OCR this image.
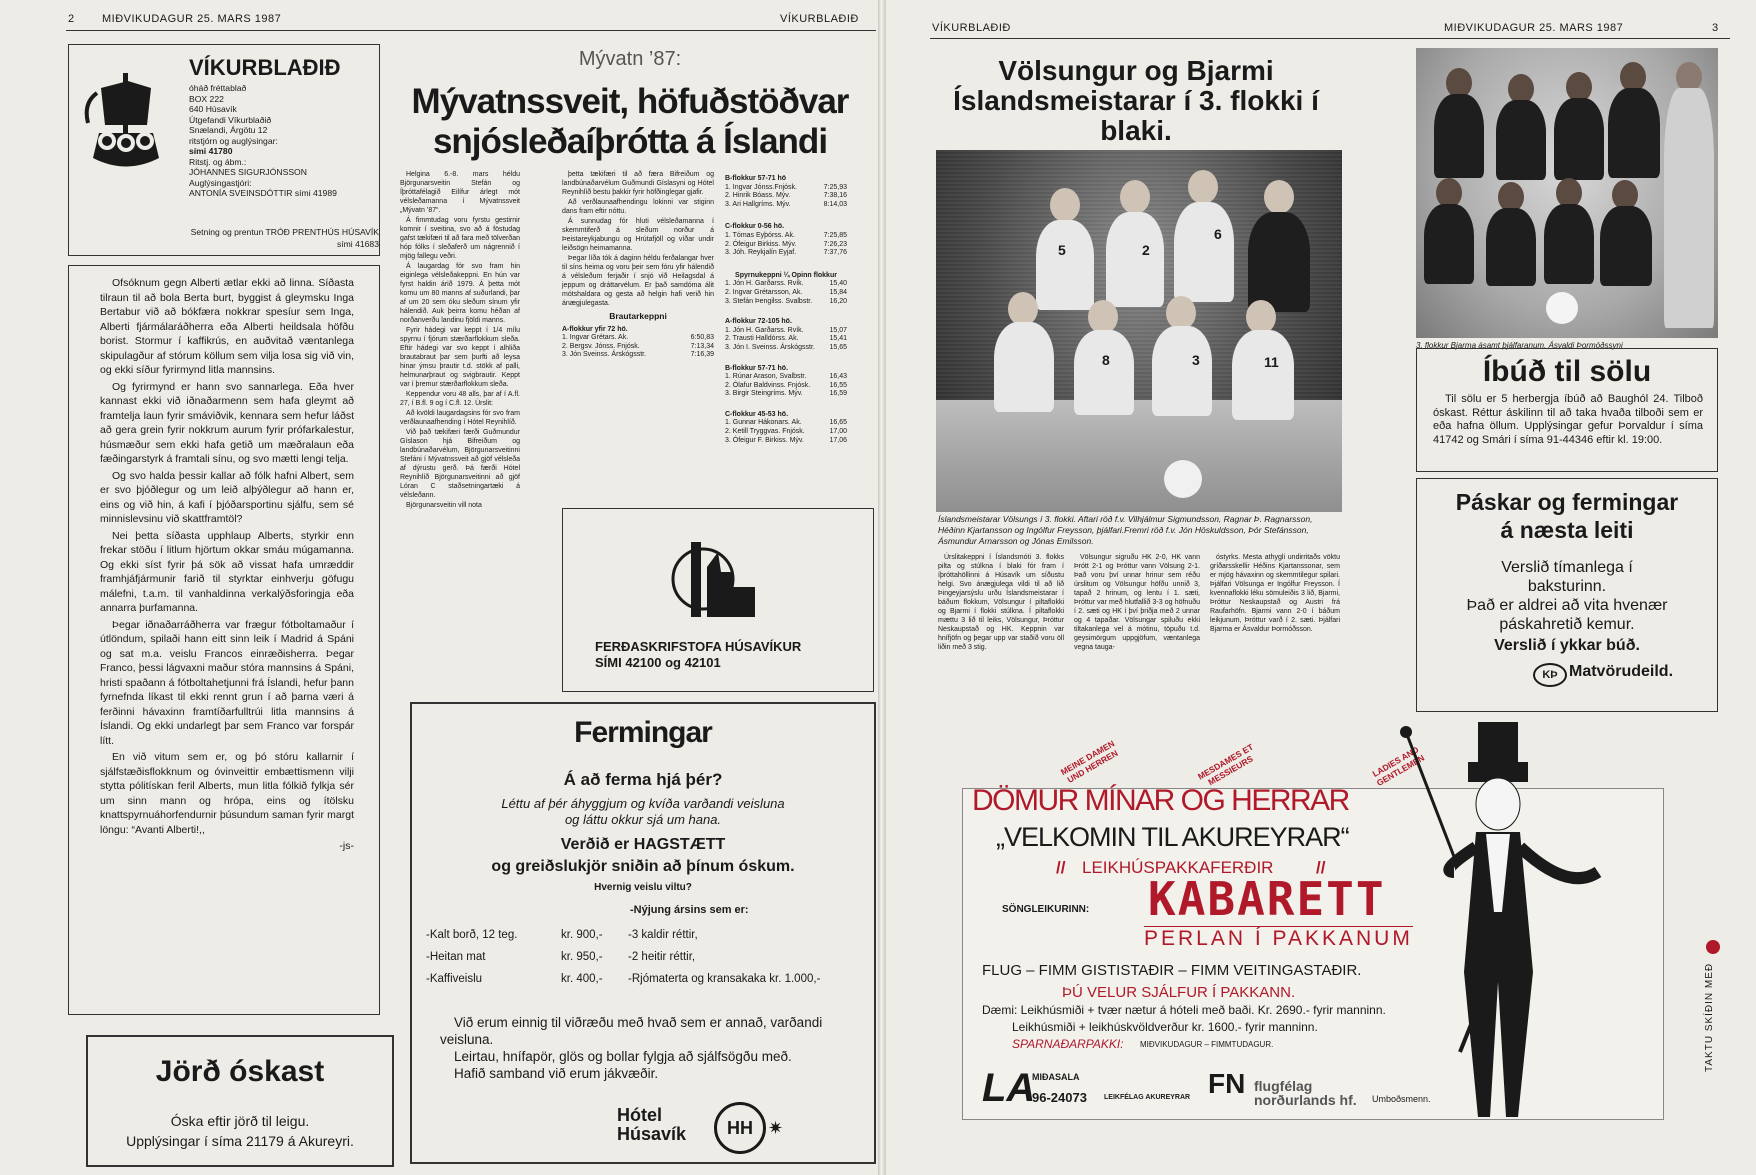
2 MIÐVIKUDAGUR 25. MARS 1987	VÍKURBLAÐIÐ
VÍKURBLAÐIÐ
óháð fréttablað
BOX 222
640 Húsavík
Útgefandi Víkurblaðið
Snælandi, Árgötu 12
ritstjórn og auglýsingar:
sími 41780
Ritstj. og ábm.:
JÓHANNES SIGURJÓNSSON
Auglýsingastjóri:
ANTONÍA SVEINSDÓTTIR sími 41989
Setning og prentun TRÓÐ PRENTHÚS HÚSAVÍK
sími 41683

Ofsóknum gegn Alberti ætlar ekki að linna. Síðasta tilraun til að bola Berta burt, byggist á gleymsku Inga Bertabur við að bókfæra nokkrar spesíur sem Inga, Alberti fjármálaráðherra eða Alberti heildsala höfðu borist. Stormur í kaffikrús, en auðvitað væntanlega skipulagður af stórum köllum sem vilja losa sig við vin, og ekki síður fyrirmynd litla mannsins.

Og fyrirmynd er hann svo sannarlega. Eða hver kannast ekki við iðnaðarmenn sem hafa gleymt að framtelja laun fyrir smáviðvik, kennara sem hefur láðst að gera grein fyrir nokkrum aurum fyrir prófarkalestur, húsmæður sem ekki hafa getið um mæðralaun eða fæðingarstyrk á framtali sínu, og svo mætti lengi telja.

Og svo halda þessir kallar að fólk hafni Albert, sem er svo þjóðlegur og um leið alþýðlegur að hann er, eins og við hin, á kafi í þjóðarsportinu sjálfu, sem sé minnislevsinu við skattframtöl?

Nei þetta síðasta upphlaup Alberts, styrkir enn frekar stöðu í litlum hjörtum okkar smáu múgamanna. Og ekki síst fyrir þá sök að vissat hafa umræddir framhjáfjármunir farið til styrktar einhverju göfugu málefni, t.a.m. til vanhaldinna verkalýðsforingja eða annarra þurfamanna.

Þegar iðnaðarráðherra var frægur fótboltamaður í útlöndum, spilaði hann eitt sinn leik í Madrid á Spáni og sat m.a. veislu Francos einræðisherra. Þegar Franco, þessi lágvaxni maður stóra mannsins á Spáni, hristi spaðann á fótboltahetjunni frá Íslandi, hefur þann fyrnefnda líkast til ekki rennt grun í að þarna væri á ferðinni hávaxinn framtíðarfulltrúi litla mannsins á Íslandi. Og ekki undarlegt þar sem Franco var forspár lítt.

En við vitum sem er, og þó stóru kallarnir í sjálfstæðisflokknum og óvinveittir embættismenn vilji stytta pólitískan feril Alberts, mun litla fólkið fylkja sér um sinn mann og hrópa, eins og ítölsku knattspyrnuáhorfendurnir þúsundum saman fyrir margt löngu: “Avanti Alberti!,,

-js-
Jörð óskast
Óska eftir jörð til leigu.
Upplýsingar í síma 21179 á Akureyri.
Mývatn ’87:
Mývatnssveit, höfuðstöðvar
snjósleðaíþrótta á Íslandi

Helgina 6.-8. mars héldu Björgunarsveitin Stefán og Íþróttafélagið Eilífur árlegt mót vélsleðamanna í Mývatnssveit „Mývatn ’87“.

Á fimmtudag voru fyrstu gestirnir komnir í sveitina, svo að á föstudag gafst tækifæri til að fara með tölverðan hóp fólks í sleðaferð um nágrennið í mjög fallegu veðri.

Á laugardag fór svo fram hin eiginlega vélsleðakeppni. En hún var fyrst haldin árið 1979. Á þetta mót komu um 80 manns af suðurlandi, þar af um 20 sem óku sleðum sínum yfir hálendið. Auk þeirra komu héðan af norðanverðu landinu fjöldi manns.

Fyrir hádegi var keppt í 1/4 mílu spyrnu í fjórum stærðarflokkum sleða. Eftir hádegi var svo keppt í alhliða brautabraut þar sem þurfti að leysa hinar ýmsu þrautir t.d. stökk af palli, helmunarþraut og svigbrautir. Keppt var í þremur stærðarflokkum sleða.

Keppendur voru 48 alls, þar af í A.fl. 27, í B.fl. 9 og í C.fl. 12. Úrslit:

Að kvöldi laugardagsins fór svo fram verðlaunaafhending í Hótel Reynihlíð.

Við það tækifæri færði Guðmundur Gíslason hjá Bifreiðum og landbúnaðarvélum, Björgunarsveitinni Stefáni í Mývatnssveit að gjöf vélsleða af dýrustu gerð. Þá færði Hótel Reynihlíð Björgunarsveitinni að gjöf Lóran C staðsetningartæki á vélsleðann.

Björgunarsveitin vill nota

þetta tækifæri til að færa Bifreiðum og landbúnaðarvélum Guðmundi Gíslasyni og Hótel Reynihlíð bestu þakkir fyrir höfðinglegar gjafir.

Að verðlaunaafhendingu lokinni var stiginn dans fram eftir nóttu.

Á sunnudag fór hluti vélsleðamanna í skemmtiferð á sleðum norður á Þeistareykjabungu og Hrútafjöll og víðar undir leiðsögn heimamanna.

Þegar líða tók á daginn héldu ferðalangar hver til síns heima og voru þeir sem fóru yfir hálendið á vélsleðum ferjaðir í snjó við Heilagsdal á jeppum og dráttarvélum. Er það samdóma álit mótshaldara og gesta að helgin hafi verið hin ánægjulegasta.

Brautarkeppni
A-flokkur yfir 72 hö.
1. Ingvar Grétars. Ak.	6:50,83
2. Bergsv. Jónss. Fnjósk.	7:13,34
3. Jón Sveinss. Árskógsstr.	7:16,39
B-flokkur 57-71 hö
1. Ingvar Jónss.Fnjósk.	7:25,93
2. Hinrik Bóass. Mýv.	7:38,16
3. Ari Hallgríms. Mýv.	8:14,03
C-flokkur 0-56 hö.
1. Tómas Eyþórss. Ak.	7:25,85
2. Ófeigur Birkiss. Mýv.	7:26,23
3. Jóh. Reykjalín Eyjaf.	7:37,76
Spyrnukeppni ¼ Opinn flokkur
1. Jón H. Garðarss. Rvík.	15,40
2. Ingvar Grétarsson, Ak.	15,84
3. Stefán Þengilss. Svalbstr. 16,20
A-flokkur 72-105 hö.
1. Jón H. Garðarss. Rvík.	15,07
2. Trausti Halldórss. Ak.	15,41
3. Jón I. Sveinss. Árskógsstr. 15,65
B-flokkur 57-71 hö.
1. Rúnar Arason, Svalbstr.	16,43
2. Ólafur Baldvinss. Fnjósk.	16,55
3. Birgir Steingríms. Mýv.	16,59
C-flokkur 45-53 hö.
1. Gunnar Hákonars. Ak.	16,65
2. Ketill Tryggvas. Fnjósk.	17,00
3. Ófeigur F. Birkiss. Mýv.	17,06
FERÐASKRIFSTOFA HÚSAVÍKUR
SÍMI 42100 og 42101
Fermingar
Á að ferma hjá þér?
Léttu af þér áhyggjum og kvíða varðandi veisluna
og láttu okkur sjá um hana.
Verðið er HAGSTÆTT
og greiðslukjör sniðin að þínum óskum.
Hvernig veislu viltu?
-Nýjung ársins sem er:
-Kalt borð, 12 teg.	kr. 900,-	-3 kaldir réttir,
-Heitan mat	kr. 950,-	-2 heitir réttir,
-Kaffiveislu	kr. 400,-	-Rjómaterta og kransakaka kr. 1.000,-
Við erum einnig til viðræðu með hvað sem er annað, varðandi veisluna.
Leirtau, hnífapör, glös og bollar fylgja að sjálfsögðu með.
Hafið samband við erum jákvæðir.
Hótel
Húsavík	HH ✷
VÍKURBLAÐIÐ	MIÐVIKUDAGUR 25. MARS 1987	3
Völsungur og Bjarmi
Íslandsmeistarar í 3. flokki í
blaki.
5	2
6
8	3	11
Íslandsmeistarar Völsungs í 3. flokki. Aftari röð f.v. Vilhjálmur Sigmundsson, Ragnar Þ. Ragnarsson, Héðinn Kjartansson og Ingólfur Freysson, þjálfari.Fremri röð f.v. Jón Höskuldsson, Þór Stefánsson, Ásmundur Arnarsson og Jónas Emilsson.

Úrslitakeppni í Íslandsmóti 3. flokks pilta og stúlkna í blaki fór fram í íþróttahöllinni á Húsavík um síðustu helgi. Svo ánægjulega vildi til að lið Þingeyjarsýslu urðu Íslandsmeistarar í báðum flokkum, Völsungur í piltaflokki og Bjarmi í flokki stúlkna. Í piltaflokki mættu 3 lið til leiks, Völsungur, Þróttur Neskaupstað og HK. Keppnin var hnífjöfn og þegar upp var staðið voru öll liðin með 3 stig.

Völsungur sigruðu HK 2-0, HK vann Þrótt 2-1 og Þróttur vann Völsung 2-1. Það voru því unnar hrinur sem réðu úrslitum og Völsungur höfðu unnið 3, tapað 2 hrinum, og lentu í 1. sæti, Þróttur var með hlutfallið 3-3 og höfnuðu í 2. sæti og HK í því þriðja með 2 unnar og 4 tapaðar. Völsungar spiluðu ekki tiltakanlega vel á mótinu, töpuðu t.d. geysimörgum uppgjöfum, væntanlega vegna tauga-

óstyrks. Mesta athygli undirritaðs vöktu gríðarsskellir Héðins Kjartanssonar, sem er mjög hávaxinn og skemmtilegur spilari. Þjálfari Völsunga er Ingólfur Freysson. Í kvennaflokki léku sömuleiðis 3 lið, Bjarmi, Þróttur Neskaupstað og Austri frá Raufarhöfn. Bjarmi vann 2-0 í báðum leikjunum, Þróttur varð í 2. sæti. Þjálfari Bjarma er Ásvaldur Þormóðsson.

3. flokkur Bjarma ásamt þjálfaranum, Ásvaldi Þormóðssyni
Íbúð til sölu
Til sölu er 5 herbergja íbúð að Baughól 24. Tilboð óskast. Réttur áskilinn til að taka hvaða tilboði sem er eða hafna öllum. Upplýsingar gefur Þorvaldur í síma 41742 og Smári í síma 91-44346 eftir kl. 19:00.
Páskar og fermingar
á næsta leiti
Verslið tímanlega í
baksturinn.
Það er aldrei að vita hvenær
páskahretið kemur.
Verslið í ykkar búð.
KÞ Matvörudeild.
MEINE DAMEN UND HERREN	MESDAMES ET MESSIEURS	LADIES AND GENTLEMEN
DÖMUR MÍNAR OG HERRAR
„VELKOMIN TIL AKUREYRAR“
// LEIKHÚSPAKKAFERÐIR	//
SÖNGLEIKURINN: KABARETT
PERLAN Í PAKKANUM
FLUG – FIMM GISTISTAÐIR – FIMM VEITINGASTAÐIR.
ÞÚ VELUR SJÁLFUR Í PAKKANN.
Dæmi: Leikhúsmiði + tvær nætur á hóteli með baði. Kr. 2690.- fyrir manninn.
Leikhúsmiði + leikhúskvöldverður kr. 1600.- fyrir manninn.
SPARNAÐARPAKKI: MIÐVIKUDAGUR – FIMMTUDAGUR.
LA
MIÐASALA
96-24073 LEIKFÉLAG AKUREYRAR FN flugfélag
norðurlands hf. Umboðsmenn.
TAKTU SKÍÐIN MEÐ
